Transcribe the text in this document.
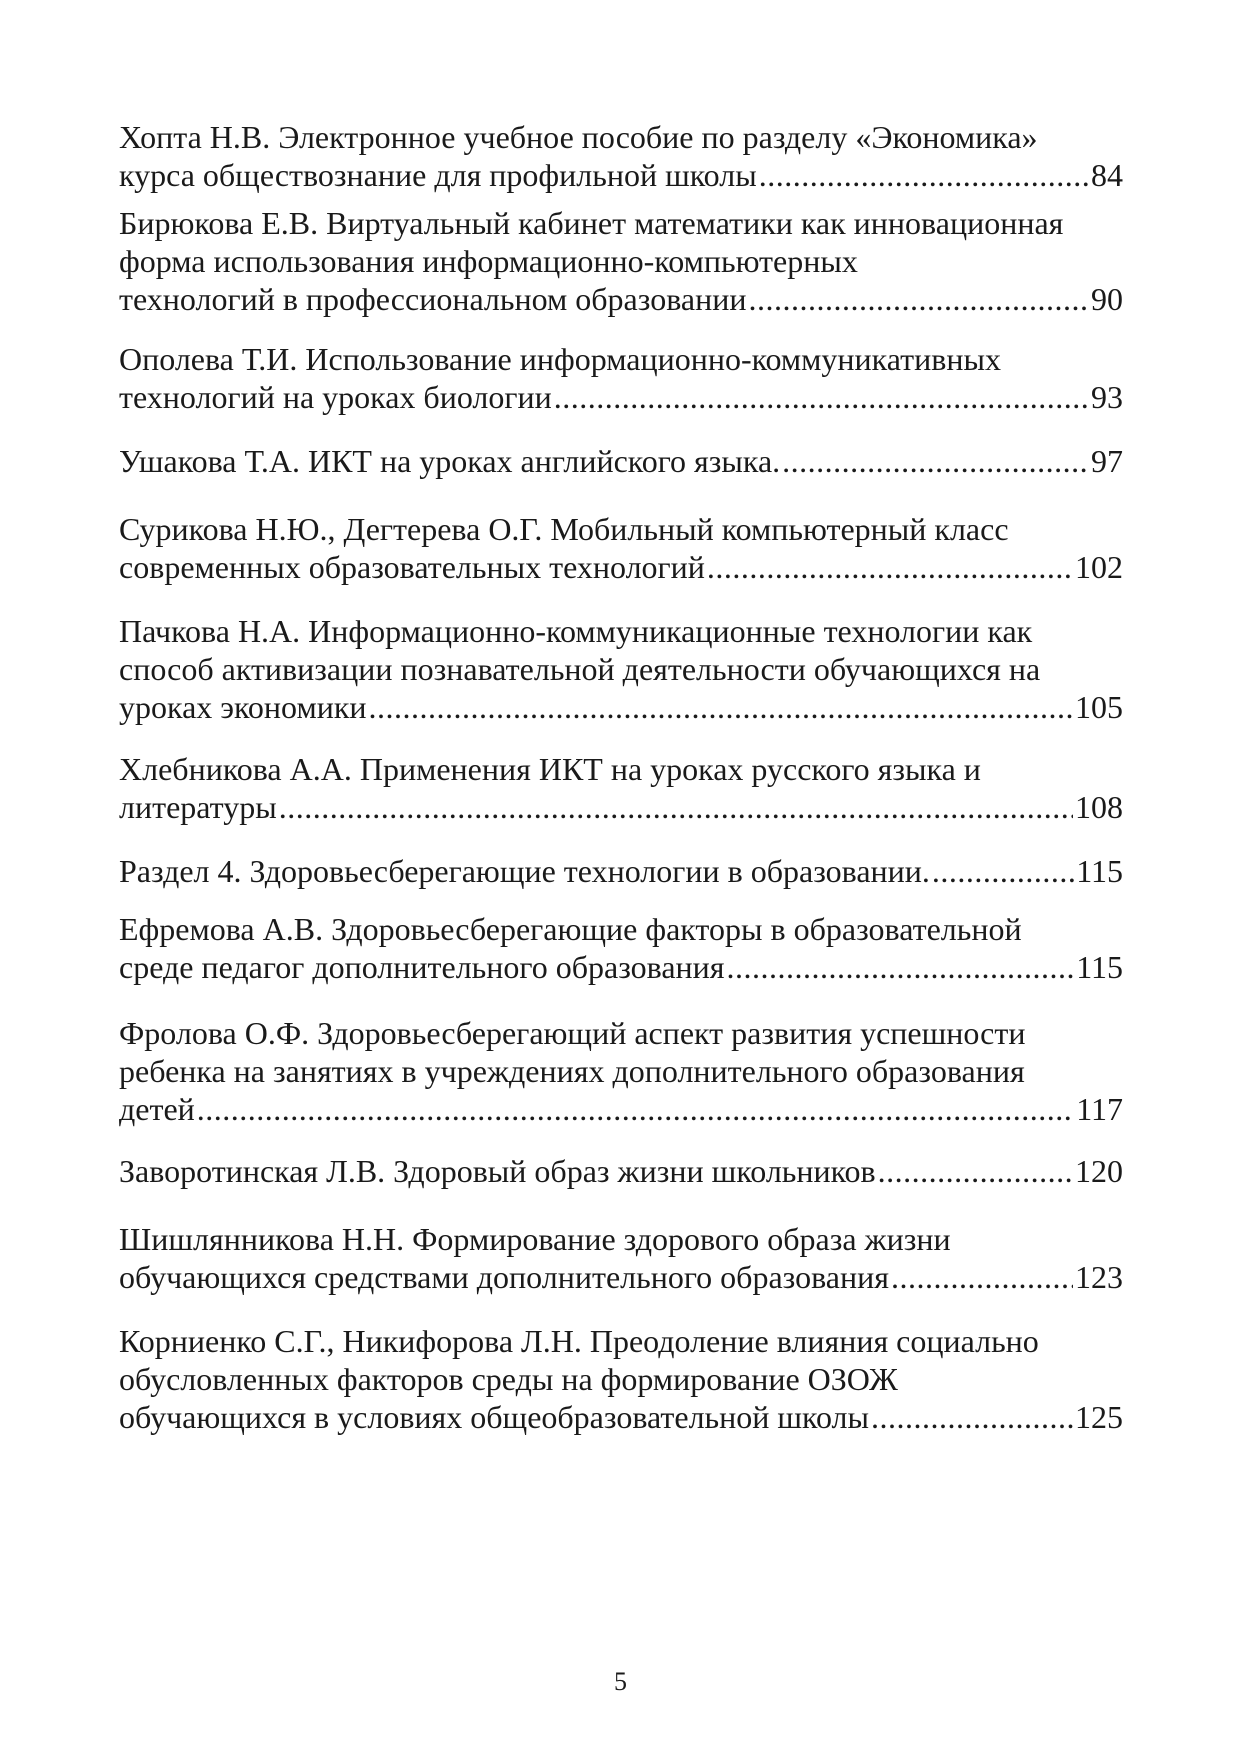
Хопта Н.В. Электронное учебное пособие по разделу «Экономика»
курса обществознание для профильной школы .....	84
Бирюкова Е.В. Виртуальный кабинет математики как инновационная
форма использования информационно-компьютерных
технологий в профессиональном образовании .....	90
Ополева Т.И. Использование информационно-коммуникативных
технологий на уроках биологии .....	93
Ушакова Т.А. ИКТ на уроках английского языка. .....	97
Сурикова Н.Ю., Дегтерева О.Г. Мобильный компьютерный класс
современных образовательных технологий .....	102
Пачкова Н.А. Информационно-коммуникационные технологии как
способ активизации познавательной деятельности обучающихся на
уроках экономики .....	105
Хлебникова А.А. Применения ИКТ на уроках русского языка и
литературы .....	108
Раздел 4. Здоровьесберегающие технологии в образовании. .....	115
Ефремова А.В. Здоровьесберегающие факторы в образовательной
среде педагог дополнительного образования .....	115
Фролова О.Ф. Здоровьесберегающий аспект развития успешности
ребенка на занятиях в учреждениях дополнительного образования
детей .....	117
Заворотинская Л.В. Здоровый образ жизни школьников .....	120
Шишлянникова Н.Н. Формирование здорового образа жизни
обучающихся средствами дополнительного образования .....	123
Корниенко С.Г., Никифорова Л.Н. Преодоление влияния социально
обусловленных факторов среды на формирование ОЗОЖ
обучающихся в условиях общеобразовательной школы .....	125
5
